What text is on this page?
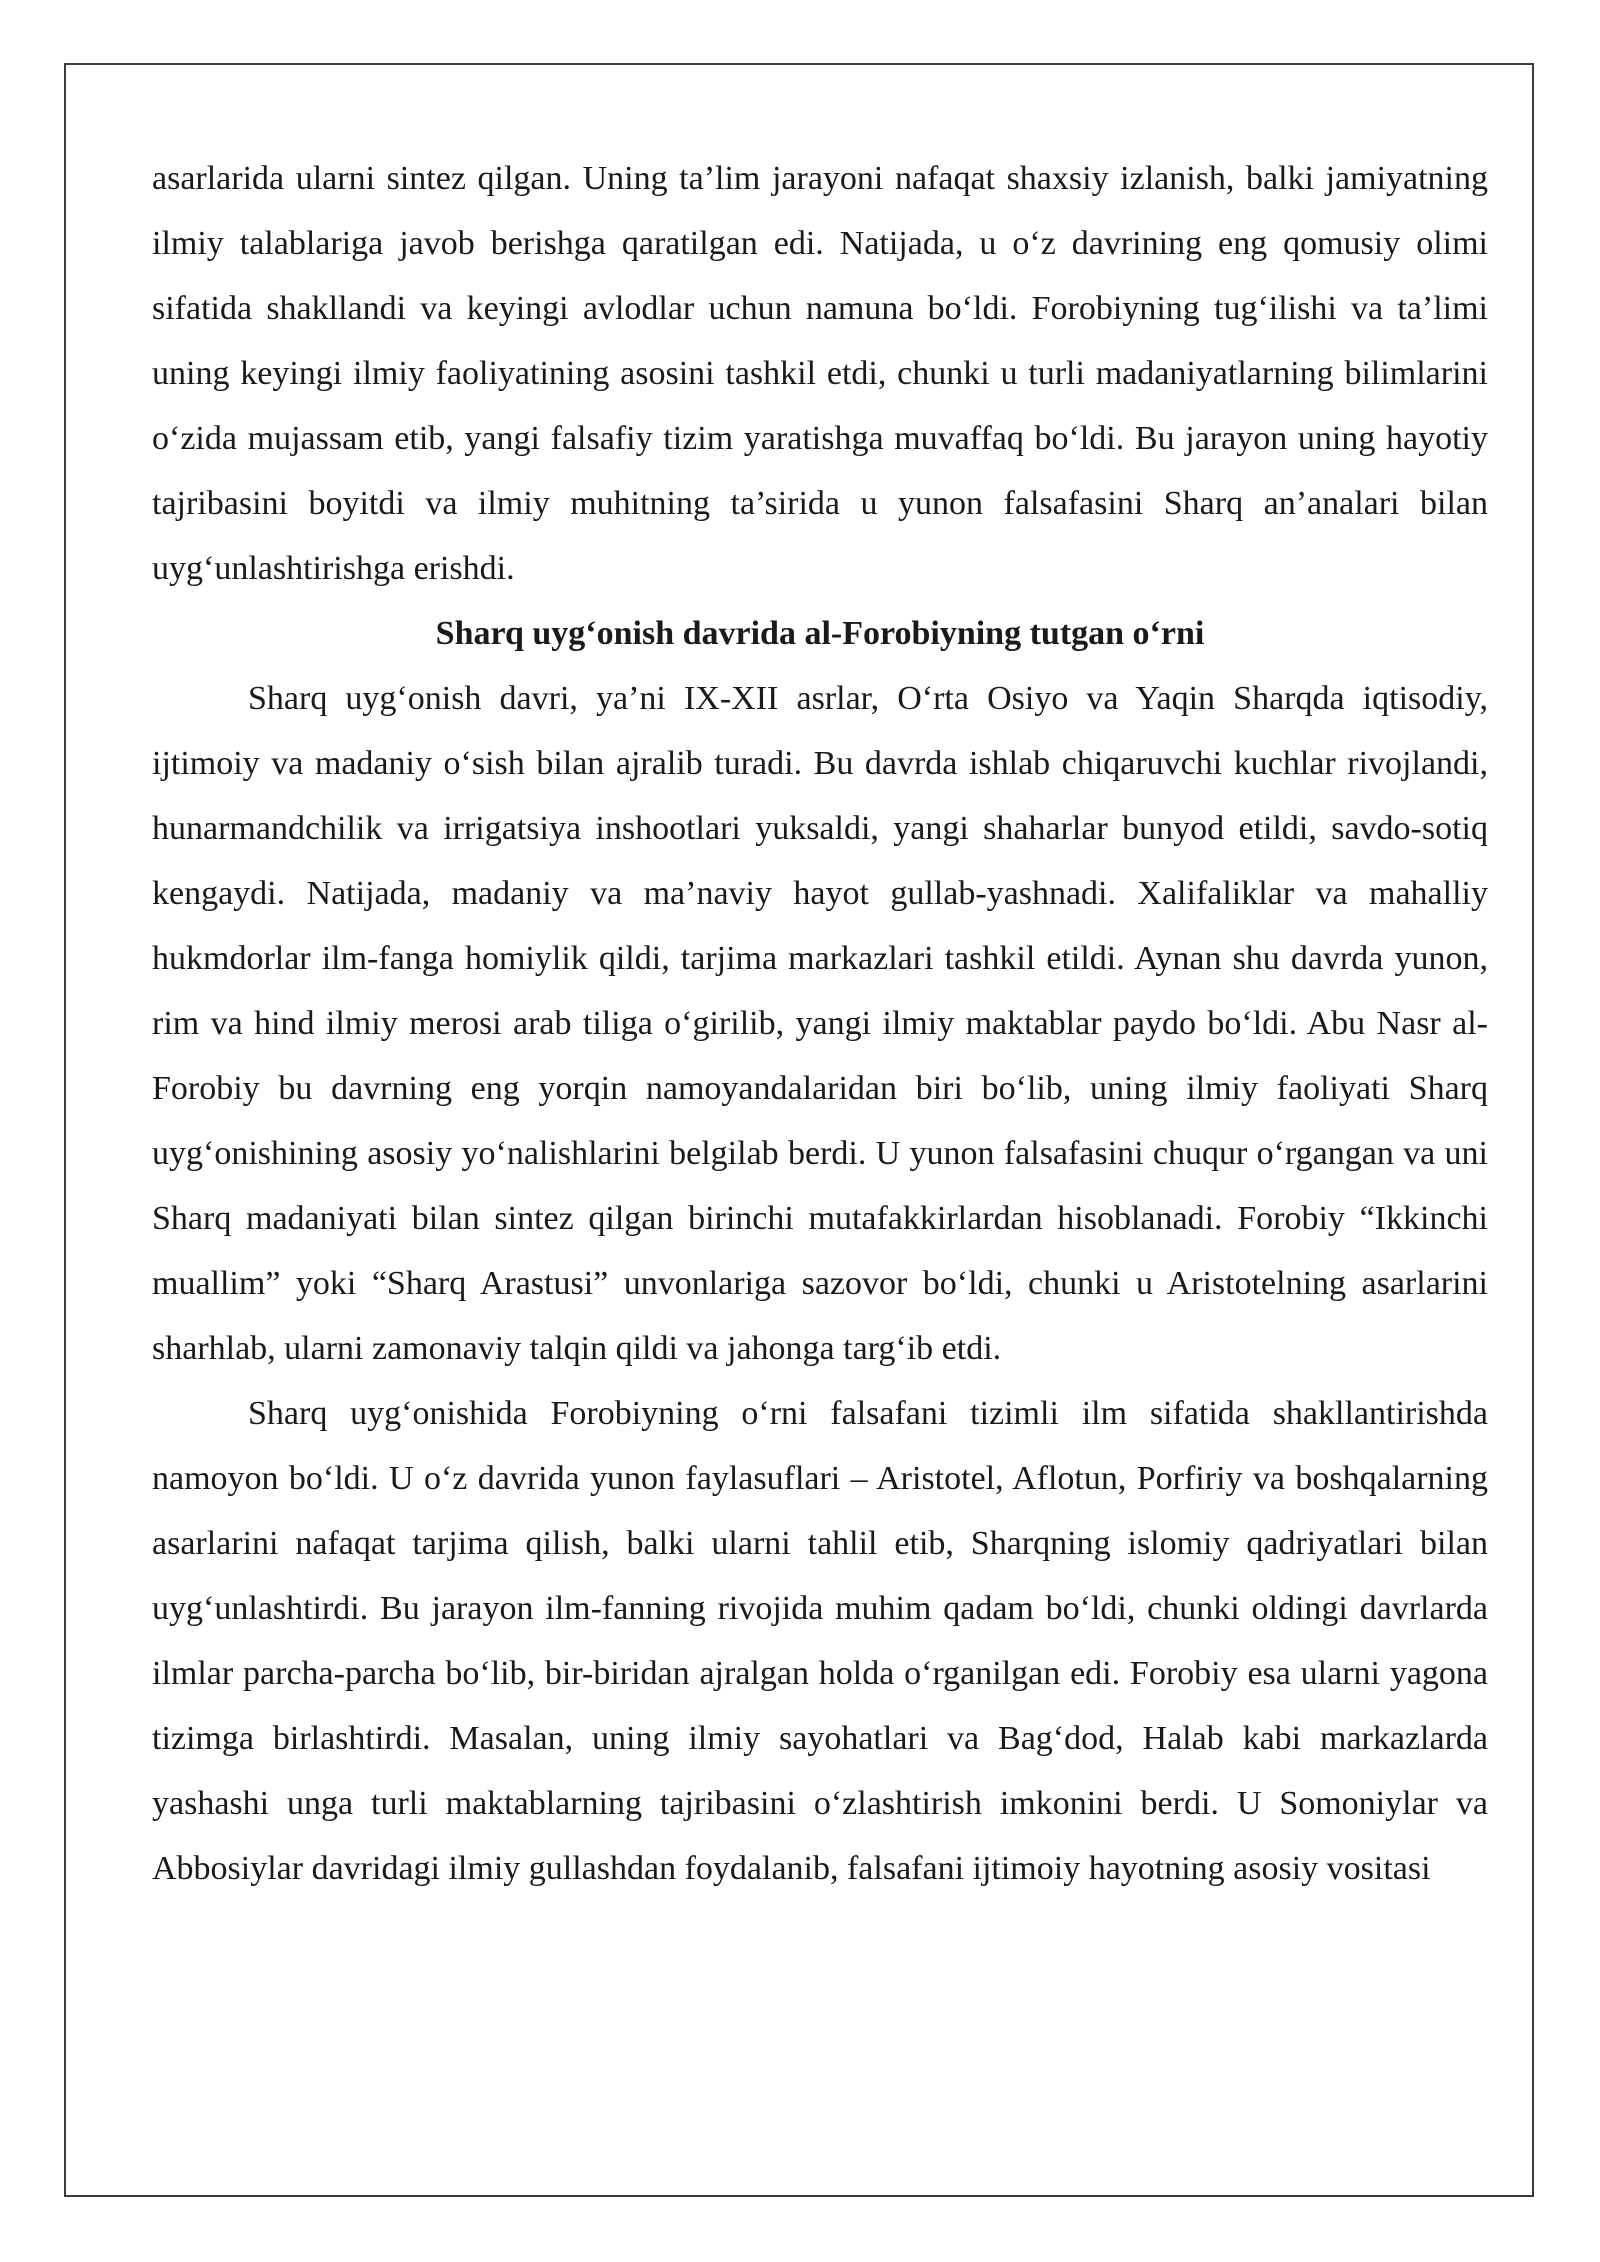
asarlarida ularni sintez qilgan. Uning ta’lim jarayoni nafaqat shaxsiy izlanish, balki jamiyatning ilmiy talablariga javob berishga qaratilgan edi. Natijada, u o‘z davrining eng qomusiy olimi sifatida shakllandi va keyingi avlodlar uchun namuna bo‘ldi. Forobiyning tug‘ilishi va ta’limi uning keyingi ilmiy faoliyatining asosini tashkil etdi, chunki u turli madaniyatlarning bilimlarini o‘zida mujassam etib, yangi falsafiy tizim yaratishga muvaffaq bo‘ldi. Bu jarayon uning hayotiy tajribasini boyitdi va ilmiy muhitning ta’sirida u yunon falsafasini Sharq an’analari bilan uyg‘unlashtirishga erishdi.

Sharq uyg‘onish davrida al-Forobiyning tutgan o‘rni

Sharq uyg‘onish davri, ya’ni IX-XII asrlar, O‘rta Osiyo va Yaqin Sharqda iqtisodiy, ijtimoiy va madaniy o‘sish bilan ajralib turadi. Bu davrda ishlab chiqaruvchi kuchlar rivojlandi, hunarmandchilik va irrigatsiya inshootlari yuksaldi, yangi shaharlar bunyod etildi, savdo-sotiq kengaydi. Natijada, madaniy va ma’naviy hayot gullab-yashnadi. Xalifaliklar va mahalliy hukmdorlar ilm-fanga homiylik qildi, tarjima markazlari tashkil etildi. Aynan shu davrda yunon, rim va hind ilmiy merosi arab tiliga o‘girilib, yangi ilmiy maktablar paydo bo‘ldi. Abu Nasr al-Forobiy bu davrning eng yorqin namoyandalaridan biri bo‘lib, uning ilmiy faoliyati Sharq uyg‘onishining asosiy yo‘nalishlarini belgilab berdi. U yunon falsafasini chuqur o‘rgangan va uni Sharq madaniyati bilan sintez qilgan birinchi mutafakkirlardan hisoblanadi. Forobiy “Ikkinchi muallim” yoki “Sharq Arastusi” unvonlariga sazovor bo‘ldi, chunki u Aristotelning asarlarini sharhlab, ularni zamonaviy talqin qildi va jahonga targ‘ib etdi.

Sharq uyg‘onishida Forobiyning o‘rni falsafani tizimli ilm sifatida shakllantirishda namoyon bo‘ldi. U o‘z davrida yunon faylasuflari – Aristotel, Aflotun, Porfiriy va boshqalarning asarlarini nafaqat tarjima qilish, balki ularni tahlil etib, Sharqning islomiy qadriyatlari bilan uyg‘unlashtirdi. Bu jarayon ilm-fanning rivojida muhim qadam bo‘ldi, chunki oldingi davrlarda ilmlar parcha-parcha bo‘lib, bir-biridan ajralgan holda o‘rganilgan edi. Forobiy esa ularni yagona tizimga birlashtirdi. Masalan, uning ilmiy sayohatlari va Bag‘dod, Halab kabi markazlarda yashashi unga turli maktablarning tajribasini o‘zlashtirish imkonini berdi. U Somoniylar va Abbosiylar davridagi ilmiy gullashdan foydalanib, falsafani ijtimoiy hayotning asosiy vositasi
